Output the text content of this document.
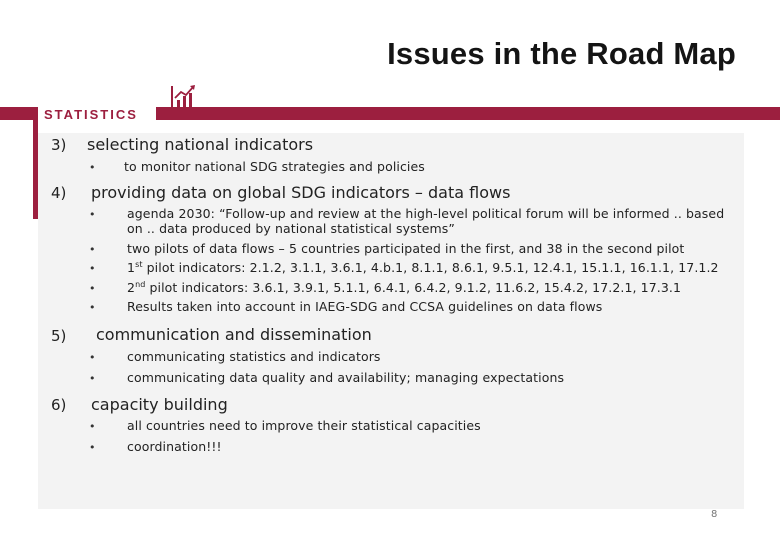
Issues in the Road Map
STATISTICS
3) selecting national indicators
• to monitor national SDG strategies and policies
4) providing data on global SDG indicators – data flows
•	agenda 2030: “Follow-up and review at the high-level political forum will be informed .. based
on .. data produced by national statistical systems”
•	two pilots of data flows – 5 countries participated in the first, and 38 in the second pilot
•	1st pilot indicators: 2.1.2, 3.1.1, 3.6.1, 4.b.1, 8.1.1, 8.6.1, 9.5.1, 12.4.1, 15.1.1, 16.1.1, 17.1.2
•	2nd pilot indicators: 3.6.1, 3.9.1, 5.1.1, 6.4.1, 6.4.2, 9.1.2, 11.6.2, 15.4.2, 17.2.1, 17.3.1
•	Results taken into account in IAEG-SDG and CCSA guidelines on data flows
5) communication and dissemination
•	communicating statistics and indicators
•	communicating data quality and availability; managing expectations
6) capacity building
•	all countries need to improve their statistical capacities
•	coordination!!!
8
